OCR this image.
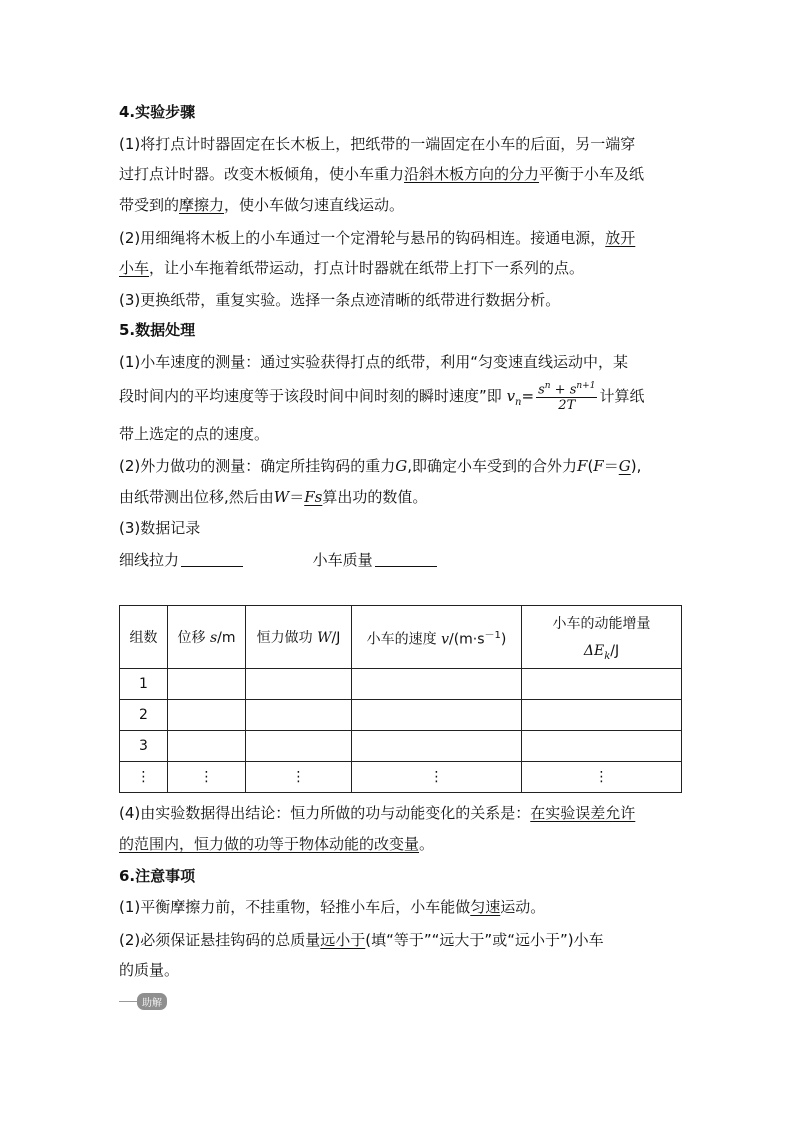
4.实验步骤
(1)将打点计时器固定在长木板上，把纸带的一端固定在小车的后面，另一端穿
过打点计时器。改变木板倾角，使小车重力沿斜木板方向的分力平衡于小车及纸
带受到的摩擦力，使小车做匀速直线运动。
(2)用细绳将木板上的小车通过一个定滑轮与悬吊的钩码相连。接通电源，放开
小车，让小车拖着纸带运动，打点计时器就在纸带上打下一系列的点。
(3)更换纸带，重复实验。选择一条点迹清晰的纸带进行数据分析。
5.数据处理
(1)小车速度的测量：通过实验获得打点的纸带，利用“匀变速直线运动中，某
段时间内的平均速度等于该段时间中间时刻的瞬时速度”即 $v_n= \frac{s^n + s^{n+1}}{2T}$ 计算纸
带上选定的点的速度。
(2)外力做功的测量：确定所挂钩码的重力G,即确定小车受到的合外力F(F＝G),
由纸带测出位移,然后由W＝Fs算出功的数值。
(3)数据记录
细线拉力	小车质量
组数	位移 s/m	恒力做功 W/J	小车的速度 $v/(m\cdot s^{-1})$	小车的动能增量
$\Delta E_k/J$

1				
2				
3				
⋮	⋮	⋮	⋮	⋮
(4)由实验数据得出结论：恒力所做的功与动能变化的关系是：在实验误差允许
的范围内，恒力做的功等于物体动能的改变量。
6.注意事项
(1)平衡摩擦力前，不挂重物，轻推小车后，小车能做匀速运动。
(2)必须保证悬挂钩码的总质量远小于(填“等于”“远大于”或“远小于”)小车
的质量。
助解
